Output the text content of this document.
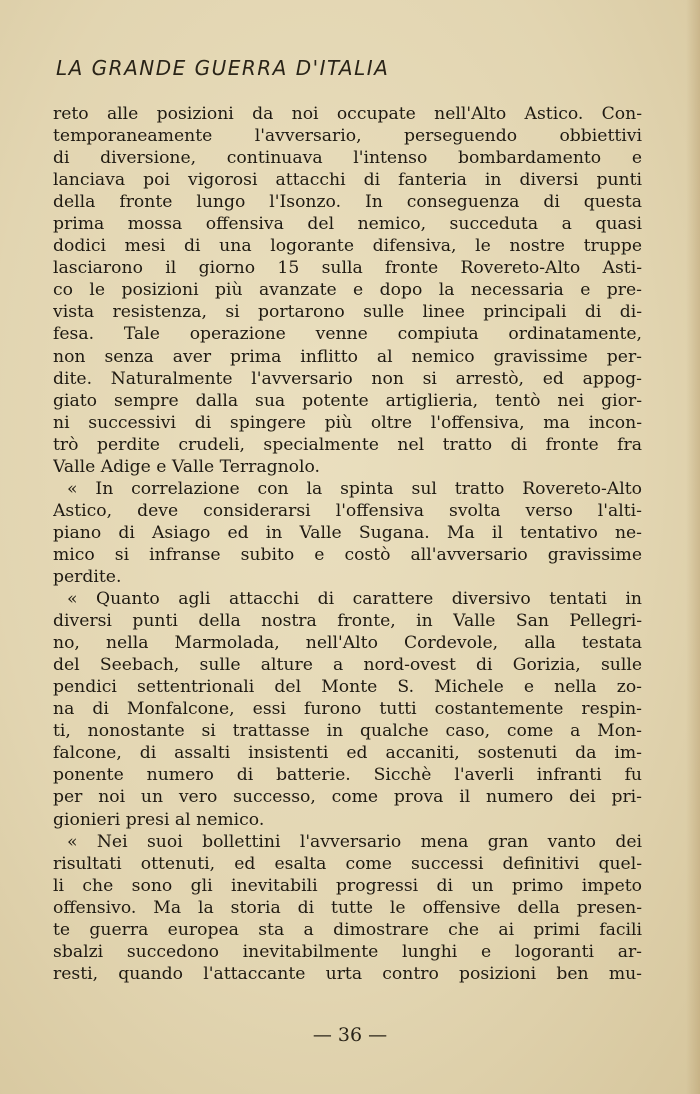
LA GRANDE GUERRA D'ITALIA
reto alle posizioni da noi occupate nell'Alto Astico. Con-
temporaneamente l'avversario, perseguendo obbiettivi
di diversione, continuava l'intenso bombardamento e
lanciava poi vigorosi attacchi di fanteria in diversi punti
della fronte lungo l'Isonzo. In conseguenza di questa
prima mossa offensiva del nemico, succeduta a quasi
dodici mesi di una logorante difensiva, le nostre truppe
lasciarono il giorno 15 sulla fronte Rovereto-Alto Asti-
co le posizioni più avanzate e dopo la necessaria e pre-
vista resistenza, si portarono sulle linee principali di di-
fesa. Tale operazione venne compiuta ordinatamente,
non senza aver prima inflitto al nemico gravissime per-
dite. Naturalmente l'avversario non si arrestò, ed appog-
giato sempre dalla sua potente artiglieria, tentò nei gior-
ni successivi di spingere più oltre l'offensiva, ma incon-
trò perdite crudeli, specialmente nel tratto di fronte fra
Valle Adige e Valle Terragnolo.
« In correlazione con la spinta sul tratto Rovereto-Alto
Astico, deve considerarsi l'offensiva svolta verso l'alti-
piano di Asiago ed in Valle Sugana. Ma il tentativo ne-
mico si infranse subito e costò all'avversario gravissime
perdite.
« Quanto agli attacchi di carattere diversivo tentati in
diversi punti della nostra fronte, in Valle San Pellegri-
no, nella Marmolada, nell'Alto Cordevole, alla testata
del Seebach, sulle alture a nord-ovest di Gorizia, sulle
pendici settentrionali del Monte S. Michele e nella zo-
na di Monfalcone, essi furono tutti costantemente respin-
ti, nonostante si trattasse in qualche caso, come a Mon-
falcone, di assalti insistenti ed accaniti, sostenuti da im-
ponente numero di batterie. Sicchè l'averli infranti fu
per noi un vero successo, come prova il numero dei pri-
gionieri presi al nemico.
« Nei suoi bollettini l'avversario mena gran vanto dei
risultati ottenuti, ed esalta come successi definitivi quel-
li che sono gli inevitabili progressi di un primo impeto
offensivo. Ma la storia di tutte le offensive della presen-
te guerra europea sta a dimostrare che ai primi facili
sbalzi succedono inevitabilmente lunghi e logoranti ar-
resti, quando l'attaccante urta contro posizioni ben mu-
— 36 —
